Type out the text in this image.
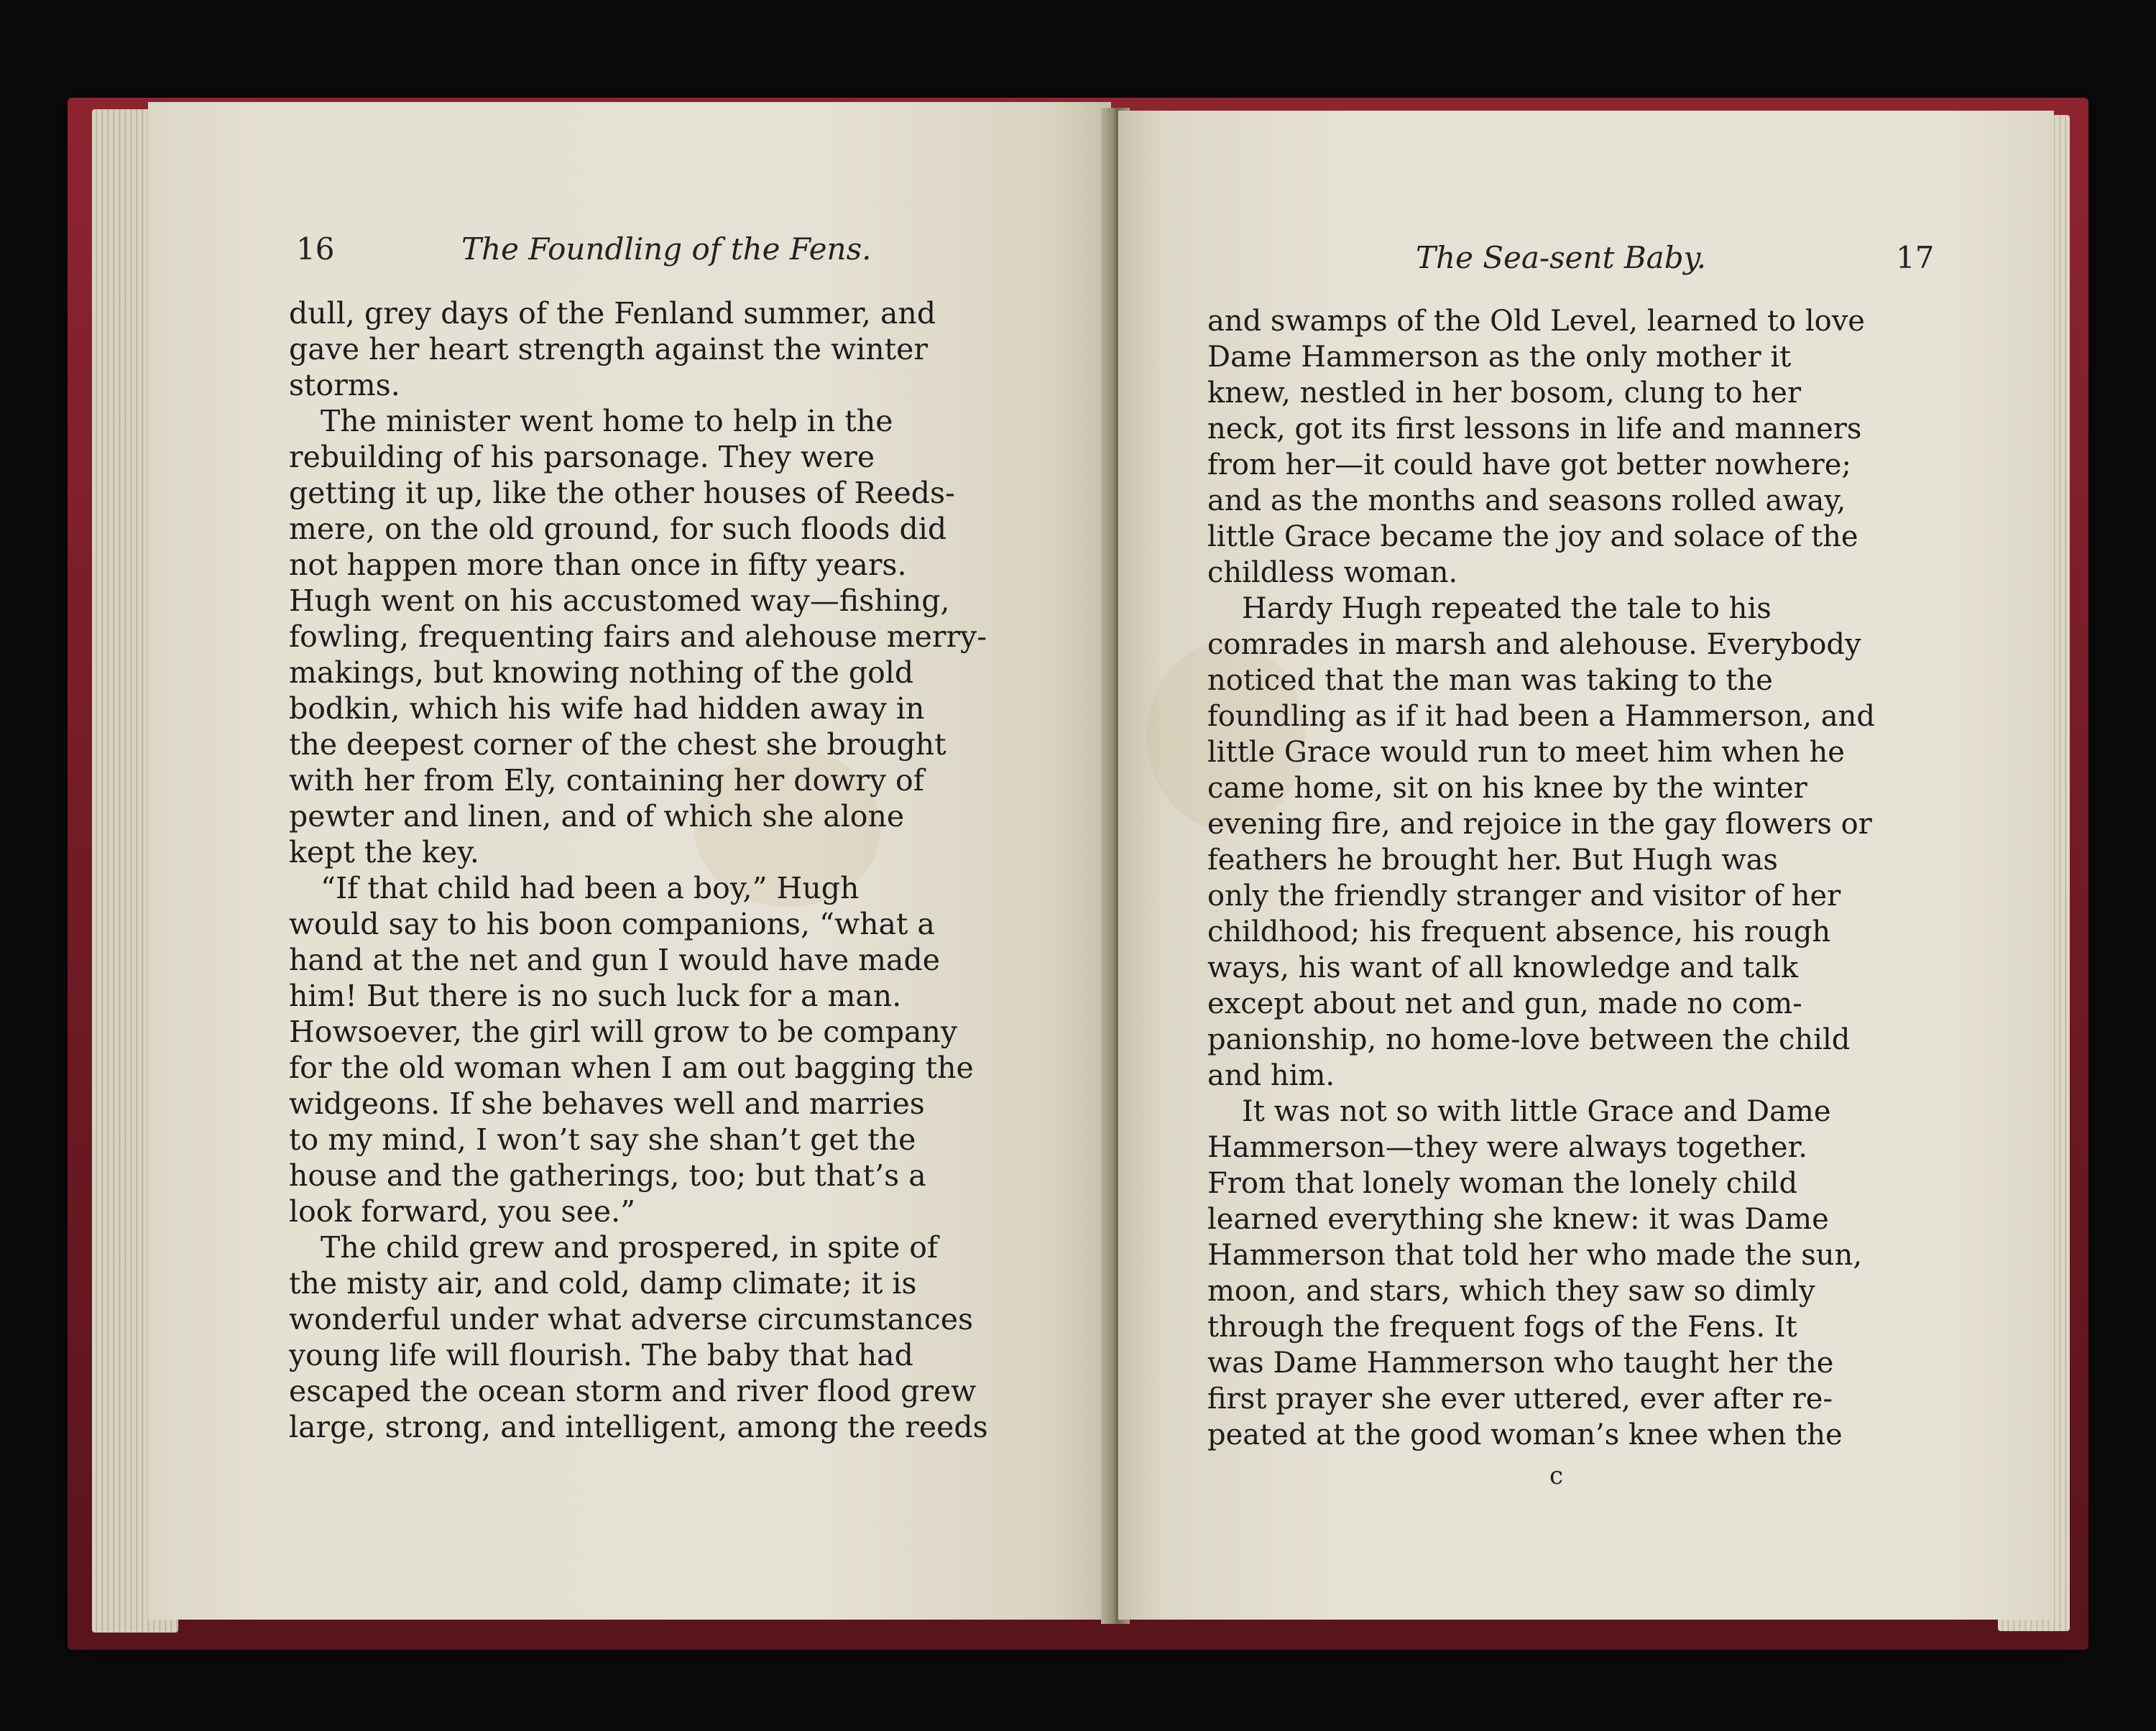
16	The Foundling of the Fens.
dull, grey days of the Fenland summer, and
gave her heart strength against the winter
storms.
The minister went home to help in the
rebuilding of his parsonage. They were
getting it up, like the other houses of Reeds-
mere, on the old ground, for such floods did
not happen more than once in fifty years.
Hugh went on his accustomed way—fishing,
fowling, frequenting fairs and alehouse merry-
makings, but knowing nothing of the gold
bodkin, which his wife had hidden away in
the deepest corner of the chest she brought
with her from Ely, containing her dowry of
pewter and linen, and of which she alone
kept the key.
“If that child had been a boy,” Hugh
would say to his boon companions, “what a
hand at the net and gun I would have made
him! But there is no such luck for a man.
Howsoever, the girl will grow to be company
for the old woman when I am out bagging the
widgeons. If she behaves well and marries
to my mind, I won’t say she shan’t get the
house and the gatherings, too; but that’s a
look forward, you see.”
The child grew and prospered, in spite of
the misty air, and cold, damp climate; it is
wonderful under what adverse circumstances
young life will flourish. The baby that had
escaped the ocean storm and river flood grew
large, strong, and intelligent, among the reeds
The Sea-sent Baby.	17
and swamps of the Old Level, learned to love
Dame Hammerson as the only mother it
knew, nestled in her bosom, clung to her
neck, got its first lessons in life and manners
from her—it could have got better nowhere;
and as the months and seasons rolled away,
little Grace became the joy and solace of the
childless woman.
Hardy Hugh repeated the tale to his
comrades in marsh and alehouse. Everybody
noticed that the man was taking to the
foundling as if it had been a Hammerson, and
little Grace would run to meet him when he
came home, sit on his knee by the winter
evening fire, and rejoice in the gay flowers or
feathers he brought her. But Hugh was
only the friendly stranger and visitor of her
childhood; his frequent absence, his rough
ways, his want of all knowledge and talk
except about net and gun, made no com-
panionship, no home-love between the child
and him.
It was not so with little Grace and Dame
Hammerson—they were always together.
From that lonely woman the lonely child
learned everything she knew: it was Dame
Hammerson that told her who made the sun,
moon, and stars, which they saw so dimly
through the frequent fogs of the Fens. It
was Dame Hammerson who taught her the
first prayer she ever uttered, ever after re-
peated at the good woman’s knee when the
c
